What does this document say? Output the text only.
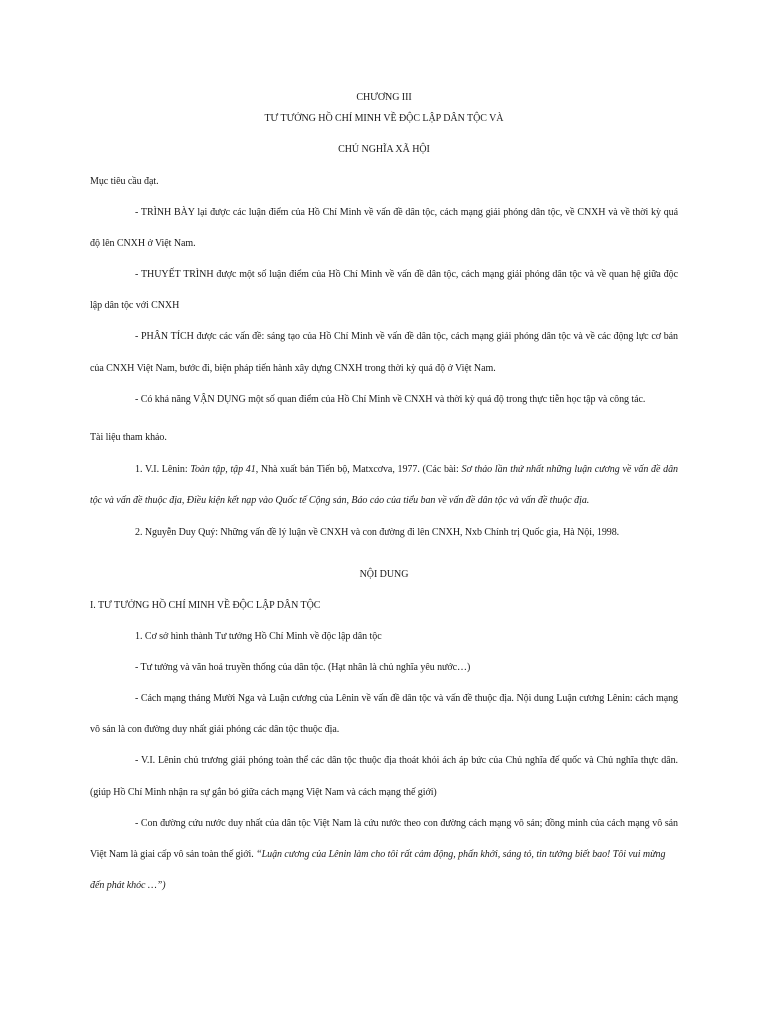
CHƯƠNG III
TƯ TƯỞNG HỒ CHÍ MINH VỀ ĐỘC LẬP DÂN TỘC VÀ
CHỦ NGHĨA XÃ HỘI
Mục tiêu cầu đạt.
- TRÌNH BÀY lại được các luận điểm của Hồ Chí Minh về vấn đề dân tộc, cách mạng giải phóng dân tộc, về CNXH và về thời kỳ quá
độ lên CNXH ở Việt Nam.
- THUYẾT TRÌNH được một số luận điểm của Hồ Chí Minh về vấn đề dân tộc, cách mạng giải phóng dân tộc và về quan hệ giữa độc
lập dân tộc với CNXH
- PHÂN TÍCH được các vấn đề: sáng tạo của Hồ Chí Minh về vấn đề dân tộc, cách mạng giải phóng dân tộc và về các động lực cơ bản
của CNXH Việt Nam, bước đi, biện pháp tiến hành xây dựng CNXH trong thời kỳ quá độ ở Việt Nam.
- Có khả năng VẬN DỤNG một số quan điểm của Hồ Chí Minh về CNXH và thời kỳ quá độ trong thực tiễn học tập và công tác.
Tài liệu tham khảo.
1. V.I. Lênin: Toàn tập, tập 41, Nhà xuất bản Tiến bộ, Matxcơva, 1977. (Các bài: Sơ thảo lần thứ nhất những luận cương về vấn đề dân
tộc và vấn đề thuộc địa, Điều kiện kết nạp vào Quốc tế Cộng sản, Báo cáo của tiểu ban về vấn đề dân tộc và vấn đề thuộc địa.
2. Nguyễn Duy Quý: Những vấn đề lý luận về CNXH và con đường đi lên CNXH, Nxb Chính trị Quốc gia, Hà Nội, 1998.
NỘI DUNG
I. TƯ TƯỞNG HỒ CHÍ MINH VỀ ĐỘC LẬP DÂN TỘC
1. Cơ sở hình thành Tư tưởng Hồ Chí Minh về độc lập dân tộc
- Tư tưởng và văn hoá truyền thống của dân tộc. (Hạt nhân là chủ nghĩa yêu nước…)
- Cách mạng tháng Mười Nga và Luận cương của Lênin về vấn đề dân tộc và vấn đề thuộc địa. Nội dung Luận cương Lênin: cách mạng
vô sản là con đường duy nhất giải phóng các dân tộc thuộc địa.
- V.I. Lênin chủ trương giải phóng toàn thể các dân tộc thuộc địa thoát khỏi ách áp bức của Chủ nghĩa đế quốc và Chủ nghĩa thực dân.
(giúp Hồ Chí Minh nhận ra sự gắn bó giữa cách mạng Việt Nam và cách mạng thế giới)
- Con đường cứu nước duy nhất của dân tộc Việt Nam là cứu nước theo con đường cách mạng vô sản; đồng minh của cách mạng vô sản
Việt Nam là giai cấp vô sản toàn thế giới. “Luận cương của Lênin làm cho tôi rất cảm động, phấn khởi, sáng tỏ, tin tưởng biết bao! Tôi vui mừng
đến phát khóc …”)
